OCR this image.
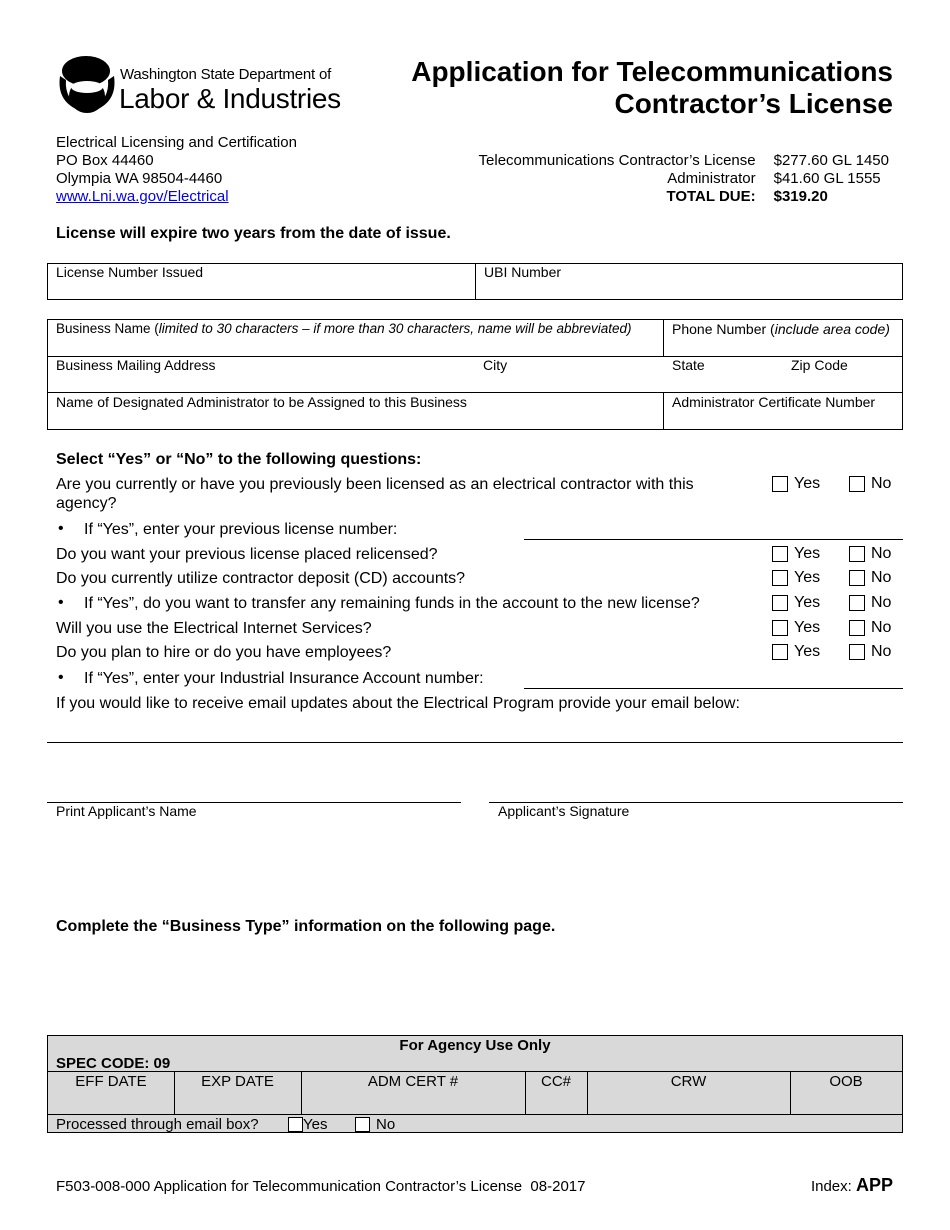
Washington State Department of
Labor & Industries
Application for Telecommunications
Contractor’s License
Electrical Licensing and Certification
PO Box 44460
Olympia WA 98504-4460
www.Lni.wa.gov/Electrical
Telecommunications Contractor’s License	$277.60 GL 1450
Administrator	$41.60 GL 1555
TOTAL DUE:	$319.20
License will expire two years from the date of issue.
License Number Issued	UBI Number
Business Name (limited to 30 characters – if more than 30 characters, name will be abbreviated)	Phone Number (include area code)
Business Mailing Address	City	State	Zip Code
Name of Designated Administrator to be Assigned to this Business	Administrator Certificate Number
Select “Yes” or “No” to the following questions:
Are you currently or have you previously been licensed as an electrical contractor with this agency?
Yes	No
• If “Yes”, enter your previous license number:
Do you want your previous license placed relicensed?	Yes	No
Do you currently utilize contractor deposit (CD) accounts?	Yes	No
• If “Yes”, do you want to transfer any remaining funds in the account to the new license?	Yes	No
Will you use the Electrical Internet Services?	Yes	No
Do you plan to hire or do you have employees?	Yes	No
• If “Yes”, enter your Industrial Insurance Account number:
If you would like to receive email updates about the Electrical Program provide your email below:
Print Applicant’s Name	Applicant’s Signature
Complete the “Business Type” information on the following page.
For Agency Use Only
SPEC CODE: 09
EFF DATE	EXP DATE	ADM CERT #	CC#	CRW	OOB
Processed through email box?	Yes	No
F503-008-000 Application for Telecommunication Contractor’s License  08-2017	Index: APP
